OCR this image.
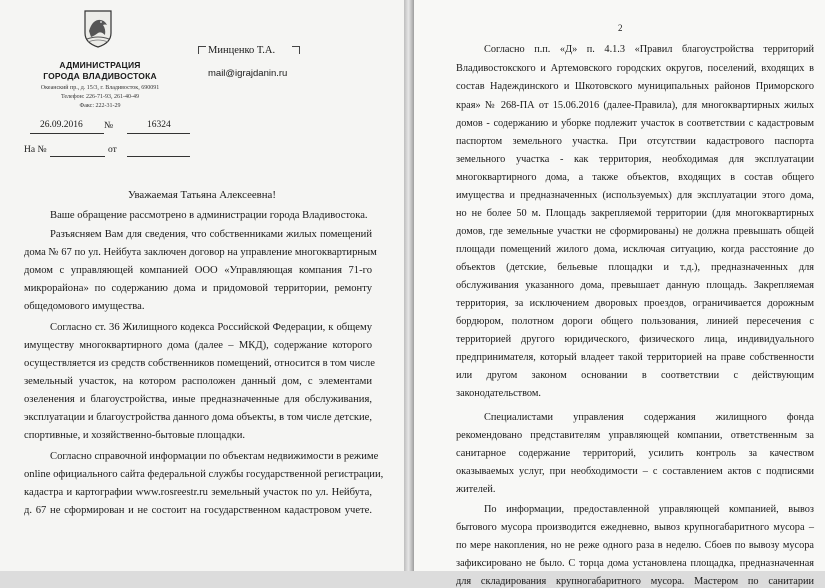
АДМИНИСТРАЦИЯ
ГОРОДА ВЛАДИВОСТОКА
Океанский пр., д. 15/3, г. Владивосток, 690091
Телефон: 226-71-93, 261-40-49
Факс: 222-31-29
Минценко Т.А.
mail@igrajdanin.ru
26.09.2016 №	16324
На №	от
Уважаемая Татьяна Алексеевна!
Ваше обращение рассмотрено в администрации города Владивостока.
Разъясняем Вам для сведения, что собственниками жилых помещений
дома № 67 по ул. Нейбута заключен договор на управление многоквартирным
домом с управляющей компанией ООО «Управляющая компания 71-го
микрорайона» по содержанию дома и придомовой территории, ремонту
общедомового имущества.
Согласно ст. 36 Жилищного кодекса Российской Федерации, к общему
имуществу многоквартирного дома (далее – МКД), содержание которого
осуществляется из средств собственников помещений, относится в том числе
земельный участок, на котором расположен данный дом, с элементами
озеленения и благоустройства, иные предназначенные для обслуживания,
эксплуатации и благоустройства данного дома объекты, в том числе детские,
спортивные, и хозяйственно-бытовые площадки.
Согласно справочной информации по объектам недвижимости в режиме
online официального сайта федеральной службы государственной регистрации,
кадастра и картографии www.rosreestr.ru земельный участок по ул. Нейбута,
д. 67 не сформирован и не состоит на государственном кадастровом учете.
Согласно п.п. «Д» п. 4.1.3 «Правил благоустройства территорий
Владивостокского и Артемовского городских округов, поселений, входящих в
состав Надеждинского и Шкотовского муниципальных районов Приморского
края» № 268-ПА от 15.06.2016 (далее-Правила), для многоквартирных жилых
домов - содержанию и уборке подлежит участок в соответствии с кадастровым
паспортом земельного участка. При отсутствии кадастрового паспорта
земельного участка - как территория, необходимая для эксплуатации
многоквартирного дома, а также объектов, входящих в состав общего
имущества и предназначенных (используемых) для эксплуатации этого дома,
но не более 50 м. Площадь закрепляемой территории (для многоквартирных
домов, где земельные участки не сформированы) не должна превышать общей
площади помещений жилого дома, исключая ситуацию, когда расстояние до
объектов (детские, бельевые площадки и т.д.), предназначенных для
обслуживания указанного дома, превышает данную площадь. Закрепляемая
территория, за исключением дворовых проездов, ограничивается дорожным
бордюром, полотном дороги общего пользования, линией пересечения с
территорией другого юридического, физического лица, индивидуального
предпринимателя, который владеет такой территорией на праве собственности
или другом законом основании в соответствии с действующим
законодательством.
Специалистами управления содержания жилищного фонда
рекомендовано представителям управляющей компании, ответственным за
санитарное содержание территорий, усилить контроль за качеством
оказываемых услуг, при необходимости – с составлением актов с подписями
жителей.
По информации, предоставленной управляющей компанией, вывоз
бытового мусора производится ежедневно, вывоз крупногабаритного мусора –
по мере накопления, но не реже одного раза в неделю. Сбоев по вывозу мусора
зафиксировано не было. С торца дома установлена площадка, предназначенная
для складирования крупногабаритного мусора. Мастером по санитарии
2
